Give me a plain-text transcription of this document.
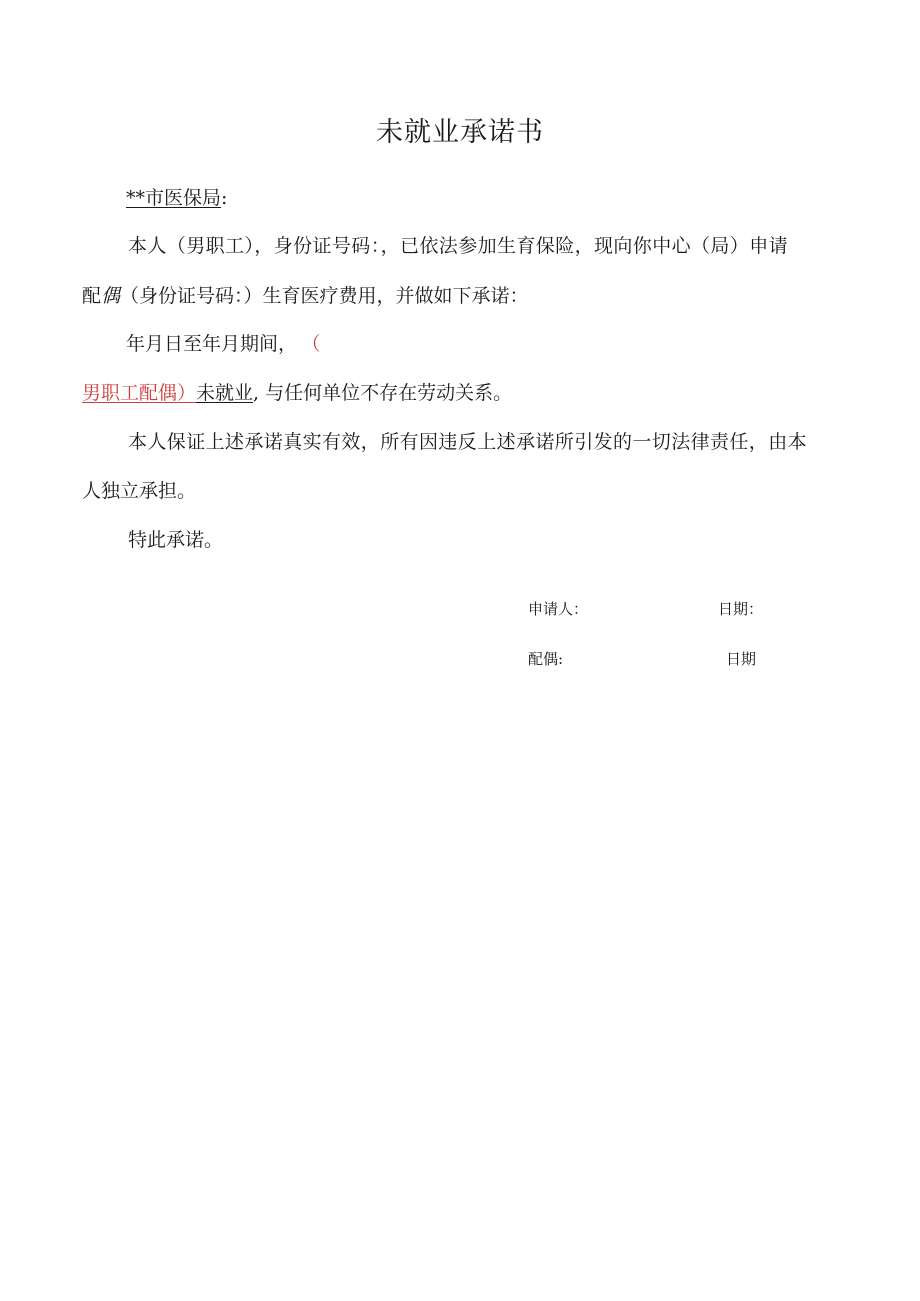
未就业承诺书
**市医保局:
本人（男职工），身份证号码：，已依法参加生育保险，现向你中心（局）申请
配偶（身份证号码：）生育医疗费用，并做如下承诺：
年月日至年月期间， （
男职工配偶）未就业, 与任何单位不存在劳动关系。
本人保证上述承诺真实有效，所有因违反上述承诺所引发的一切法律责任，由本
人独立承担。
特此承诺。
申请人：	日期：
配偶:	日期
